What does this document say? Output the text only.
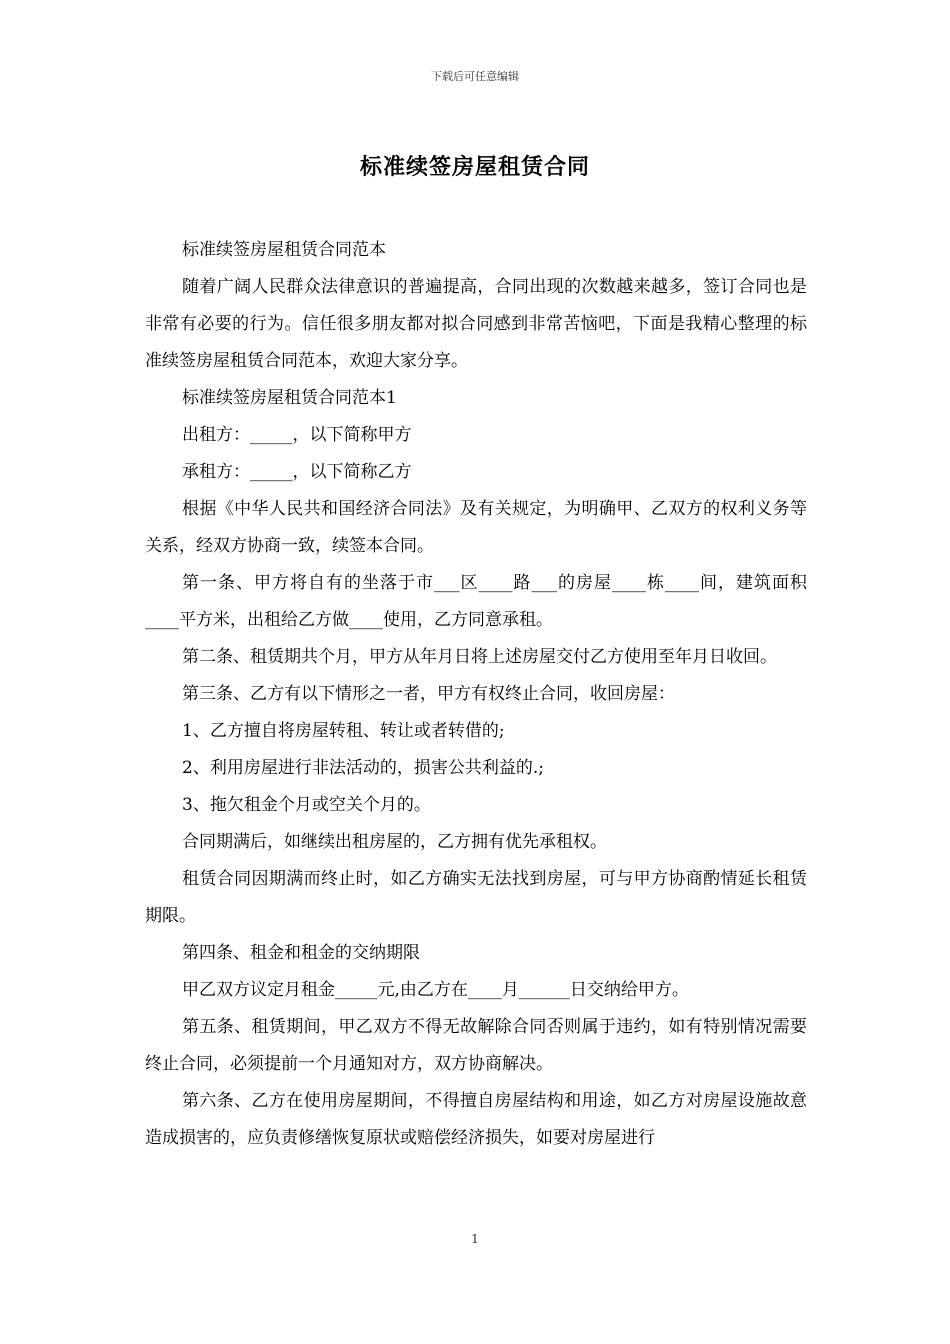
下载后可任意编辑
标准续签房屋租赁合同

标准续签房屋租赁合同范本

随着广阔人民群众法律意识的普遍提高，合同出现的次数越来越多，签订合同也是非常有必要的行为。信任很多朋友都对拟合同感到非常苦恼吧，下面是我精心整理的标准续签房屋租赁合同范本，欢迎大家分享。

标准续签房屋租赁合同范本1

出租方：_____，以下简称甲方

承租方：_____，以下简称乙方

根据《中华人民共和国经济合同法》及有关规定，为明确甲、乙双方的权利义务等关系，经双方协商一致，续签本合同。

第一条、甲方将自有的坐落于市___区____路___的房屋____栋____间，建筑面积____平方米，出租给乙方做____使用，乙方同意承租。

第二条、租赁期共个月，甲方从年月日将上述房屋交付乙方使用至年月日收回。

第三条、乙方有以下情形之一者，甲方有权终止合同，收回房屋：

1、乙方擅自将房屋转租、转让或者转借的;

2、利用房屋进行非法活动的，损害公共利益的.;

3、拖欠租金个月或空关个月的。

合同期满后，如继续出租房屋的，乙方拥有优先承租权。

租赁合同因期满而终止时，如乙方确实无法找到房屋，可与甲方协商酌情延长租赁期限。

第四条、租金和租金的交纳期限

甲乙双方议定月租金_____元,由乙方在____月______日交纳给甲方。

第五条、租赁期间，甲乙双方不得无故解除合同否则属于违约，如有特别情况需要终止合同，必须提前一个月通知对方，双方协商解决。

第六条、乙方在使用房屋期间，不得擅自房屋结构和用途，如乙方对房屋设施故意造成损害的，应负责修缮恢复原状或赔偿经济损失，如要对房屋进行

1
